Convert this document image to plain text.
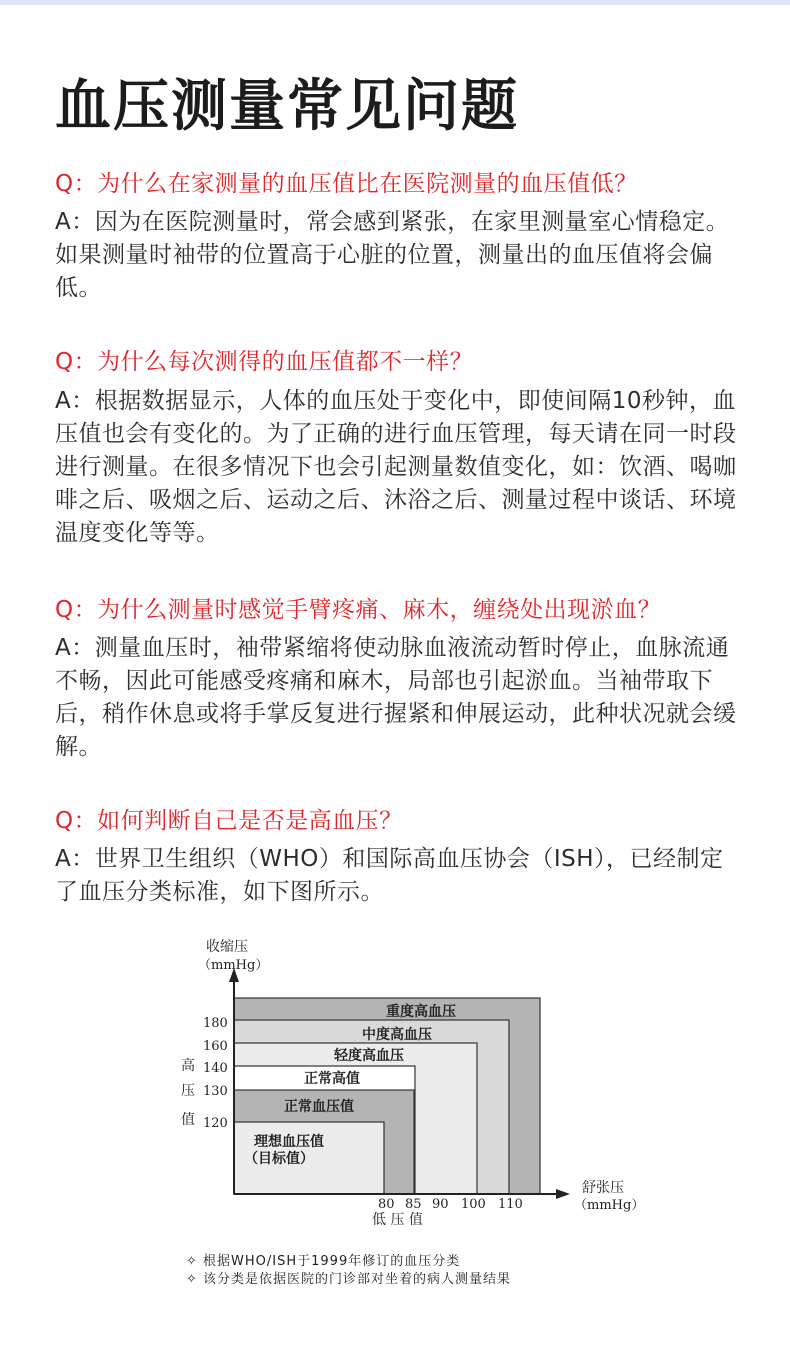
血压测量常见问题
Q：为什么在家测量的血压值比在医院测量的血压值低？
A：因为在医院测量时，常会感到紧张，在家里测量室心情稳定。如果测量时袖带的位置高于心脏的位置，测量出的血压值将会偏低。
Q：为什么每次测得的血压值都不一样？
A：根据数据显示，人体的血压处于变化中，即使间隔10秒钟，血压值也会有变化的。为了正确的进行血压管理，每天请在同一时段进行测量。在很多情况下也会引起测量数值变化，如：饮酒、喝咖啡之后、吸烟之后、运动之后、沐浴之后、测量过程中谈话、环境温度变化等等。
Q：为什么测量时感觉手臂疼痛、麻木，缠绕处出现淤血？
A：测量血压时，袖带紧缩将使动脉血液流动暂时停止，血脉流通不畅，因此可能感受疼痛和麻木，局部也引起淤血。当袖带取下后，稍作休息或将手掌反复进行握紧和伸展运动，此种状况就会缓解。
Q：如何判断自己是否是高血压？
A：世界卫生组织（WHO）和国际高血压协会（ISH），已经制定了血压分类标准，如下图所示。
收缩压
（mmHg）
舒张压
（mmHg）
高
压
值
180
160
140
130
120
80 85 90 100 110
低 压 值
重度高血压
中度高血压
轻度高血压
正常高值
正常血压值
理想血压值
（目标值）
✧ 根据WHO/ISH于1999年修订的血压分类
✧ 该分类是依据医院的门诊部对坐着的病人测量结果
